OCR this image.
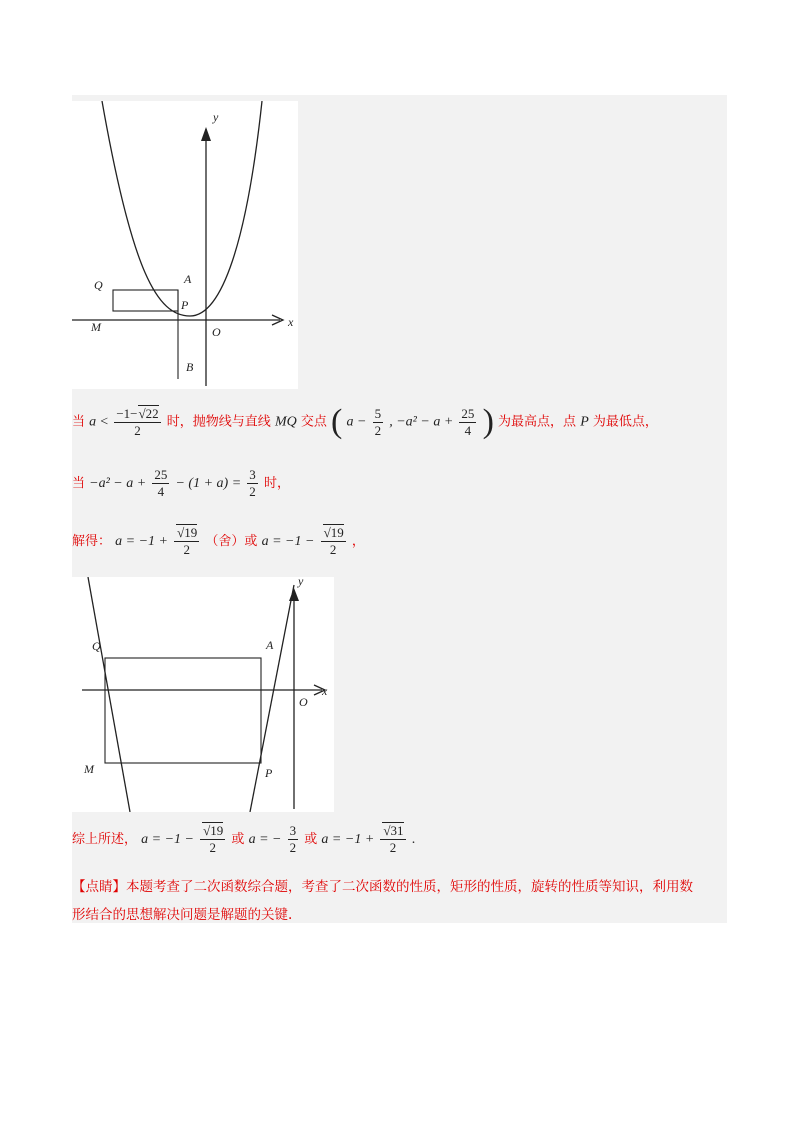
y
x
Q	A
P
M	O
B
当 $a < \frac{-1-√22}{2}$ 时，抛物线与直线 MQ 交点 ( $a - \frac{5}{2}$ , $-a^2 - a + \frac{25}{4}$ ) 为最高点，点 P 为最低点，
当 $-a^2 - a + \frac{25}{4} - (1 + a) = \frac{3}{2}$ 时，
解得： $a = -1 + \frac{√19}{2}$ （舍）或 $a = -1 - \frac{√19}{2}$ ，
y
x
Q	A
O
M	P
综上所述， $a = -1 - \frac{√19}{2}$ 或 a = − $\frac{3}{2}$ 或 $a = -1 + \frac{√31}{2}$ .
【点睛】本题考查了二次函数综合题，考查了二次函数的性质，矩形的性质，旋转的性质等知识，利用数
形结合的思想解决问题是解题的关键.
